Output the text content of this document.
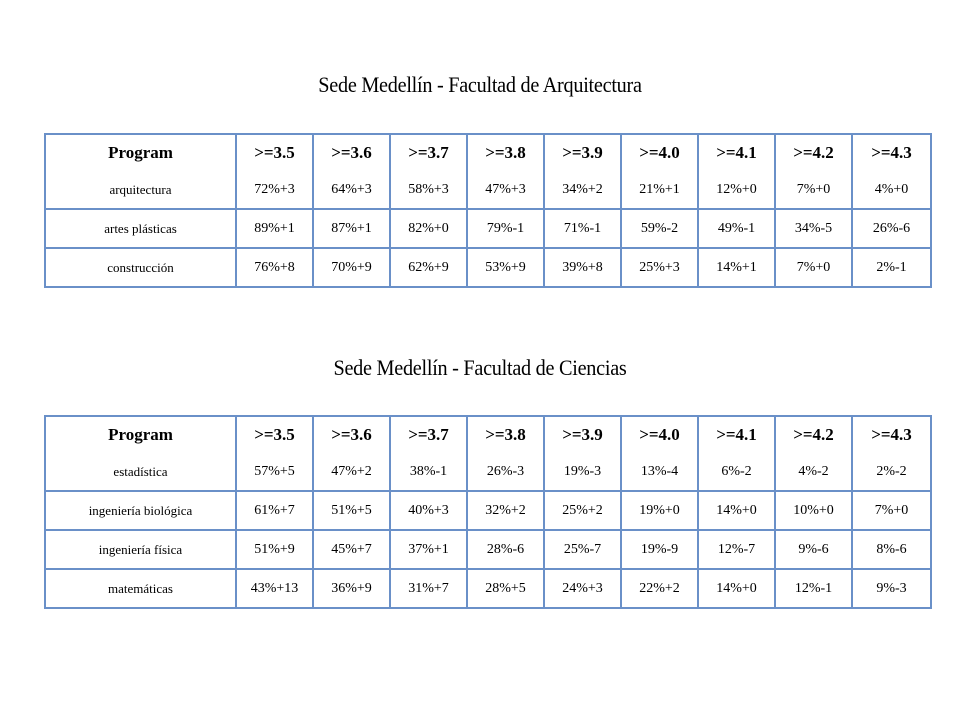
Sede Medellín - Facultad de Arquitectura
Program	>=3.5	>=3.6	>=3.7	>=3.8	>=3.9	>=4.0	>=4.1	>=4.2	>=4.3
arquitectura	72%+3	64%+3	58%+3	47%+3	34%+2	21%+1	12%+0	7%+0	4%+0
artes plásticas	89%+1	87%+1	82%+0	79%-1	71%-1	59%-2	49%-1	34%-5	26%-6
construcción	76%+8	70%+9	62%+9	53%+9	39%+8	25%+3	14%+1	7%+0	2%-1
Sede Medellín - Facultad de Ciencias
Program	>=3.5	>=3.6	>=3.7	>=3.8	>=3.9	>=4.0	>=4.1	>=4.2	>=4.3
estadística	57%+5	47%+2	38%-1	26%-3	19%-3	13%-4	6%-2	4%-2	2%-2
ingeniería biológica	61%+7	51%+5	40%+3	32%+2	25%+2	19%+0	14%+0	10%+0	7%+0
ingeniería física	51%+9	45%+7	37%+1	28%-6	25%-7	19%-9	12%-7	9%-6	8%-6
matemáticas	43%+13	36%+9	31%+7	28%+5	24%+3	22%+2	14%+0	12%-1	9%-3
